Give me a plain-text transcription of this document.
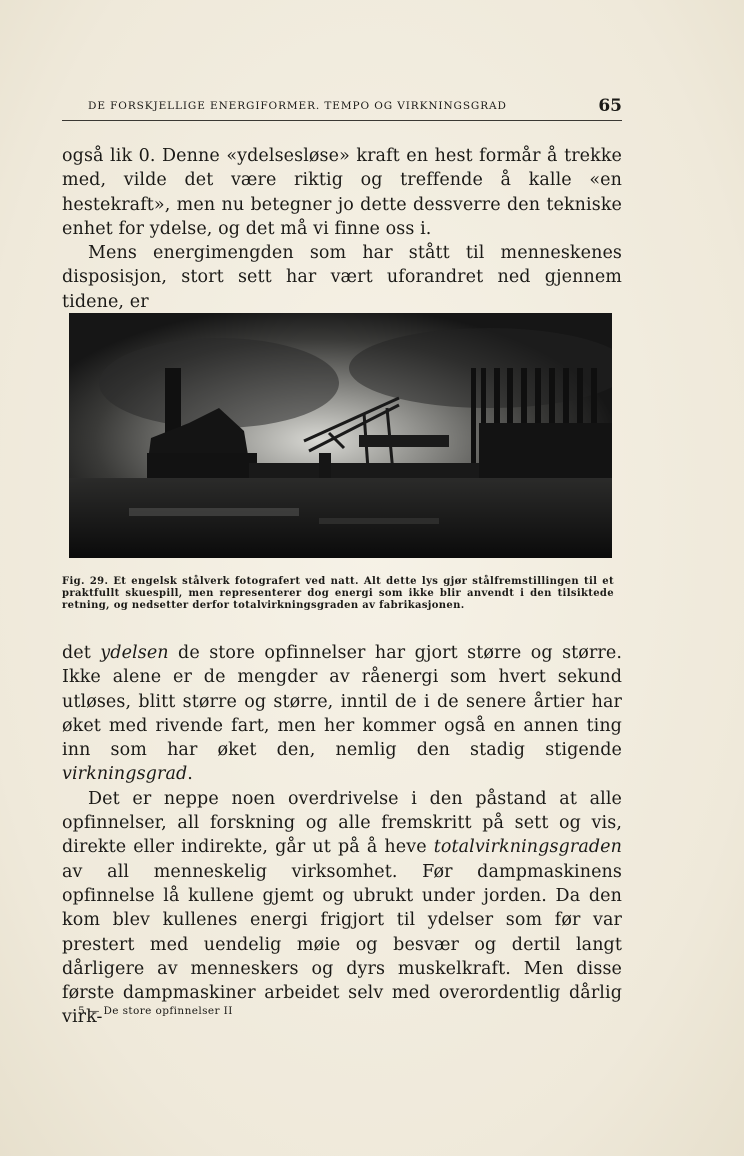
DE FORSKJELLIGE ENERGIFORMER. TEMPO OG VIRKNINGSGRAD	65

også lik 0. Denne «ydelsesløse» kraft en hest formår å trekke med, vilde det være riktig og treffende å kalle «en hestekraft», men nu betegner jo dette dessverre den tekniske enhet for ydelse, og det må vi finne oss i.

Mens energimengden som har stått til menneskenes disposisjon, stort sett har vært uforandret ned gjennem tidene, er

Fig. 29. Et engelsk stålverk fotografert ved natt. Alt dette lys gjør stålfremstillingen til et praktfullt skuespill, men representerer dog energi som ikke blir anvendt i den tilsiktede retning, og nedsetter derfor totalvirkningsgraden av fabrikasjonen.

det ydelsen de store opfinnelser har gjort større og større. Ikke alene er de mengder av råenergi som hvert sekund utløses, blitt større og større, inntil de i de senere årtier har øket med rivende fart, men her kommer også en annen ting inn som har øket den, nemlig den stadig stigende virkningsgrad.

Det er neppe noen overdrivelse i den påstand at alle opfinnelser, all forskning og alle fremskritt på sett og vis, direkte eller indirekte, går ut på å heve totalvirkningsgraden av all menneskelig virksomhet. Før dampmaskinens opfinnelse lå kullene gjemt og ubrukt under jorden. Da den kom blev kullenes energi frigjort til ydelser som før var prestert med uendelig møie og besvær og dertil langt dårligere av menneskers og dyrs muskelkraft. Men disse første dampmaskiner arbeidet selv med overordentlig dårlig virk-

5 — De store opfinnelser II
